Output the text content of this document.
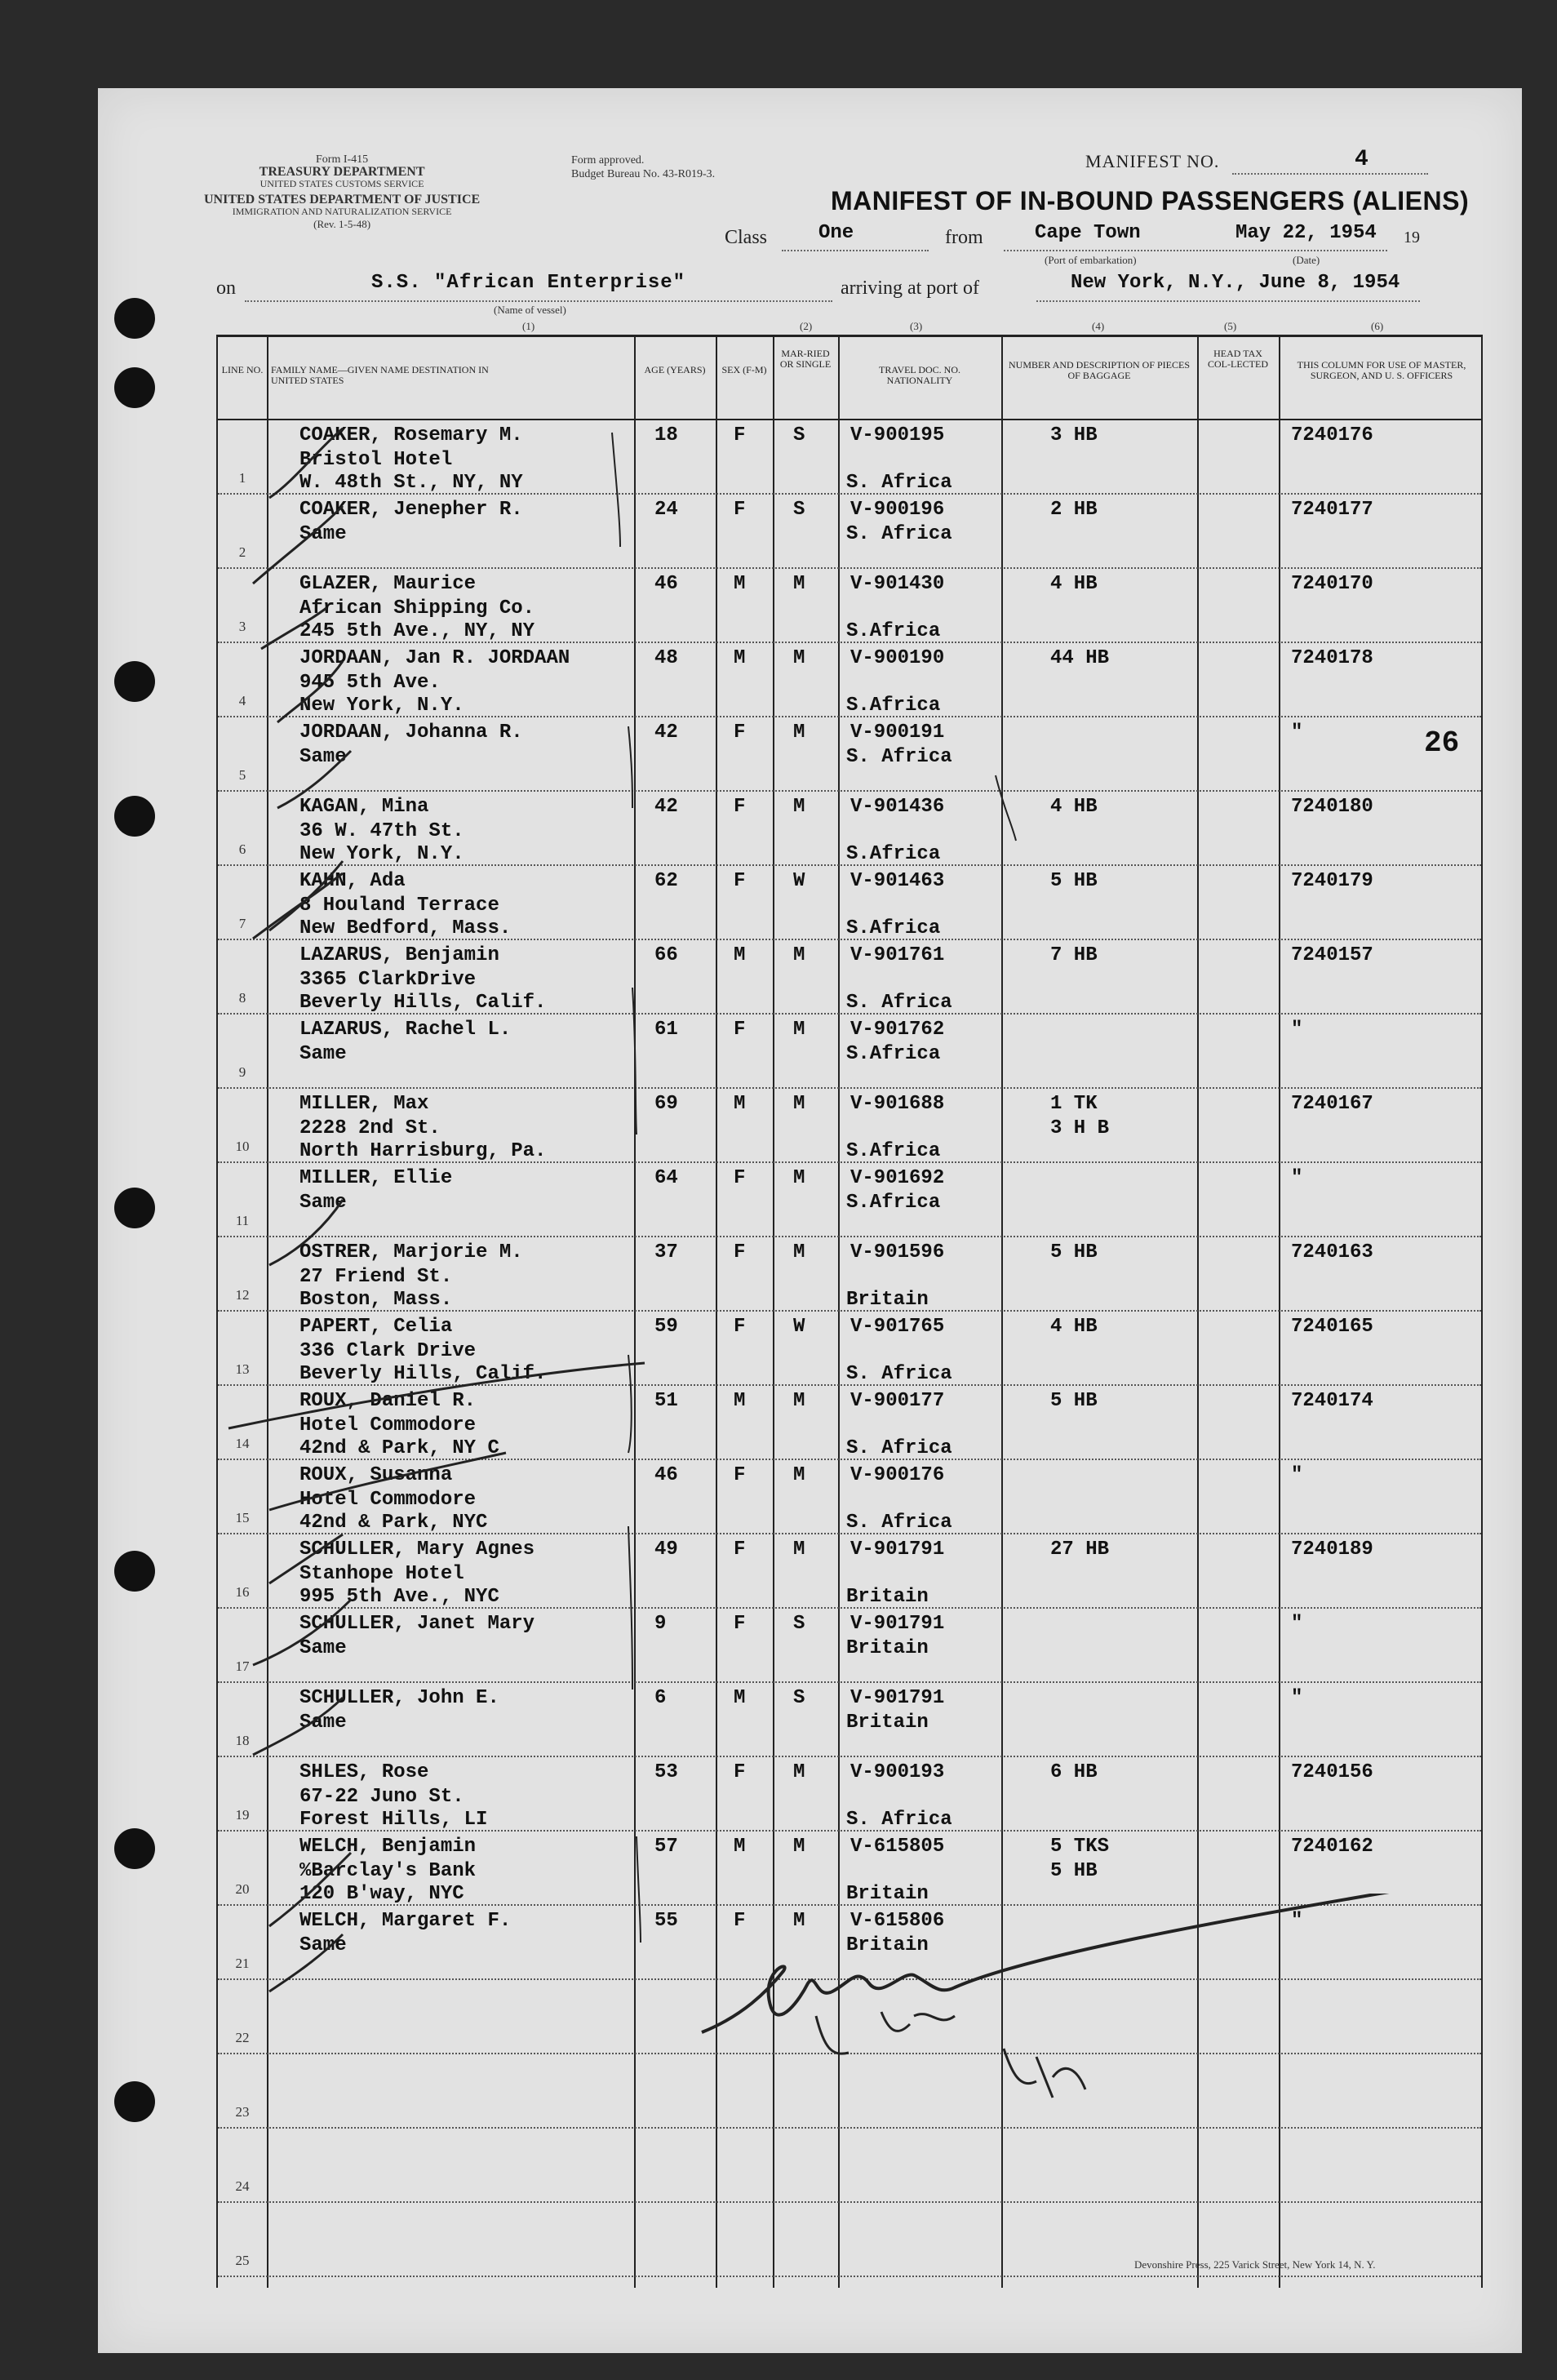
Form I-415
TREASURY DEPARTMENT
UNITED STATES CUSTOMS SERVICE
UNITED STATES DEPARTMENT OF JUSTICE
IMMIGRATION AND NATURALIZATION SERVICE
(Rev. 1-5-48)
Form approved.
Budget Bureau No. 43-R019-3.
MANIFEST NO.	4
MANIFEST OF IN-BOUND PASSENGERS (ALIENS)
Class	One	from	Cape Town	May 22, 1954 19
(Port of embarkation)	(Date)
on	S.S. "African Enterprise"
(Name of vessel)
arriving at port of	New York, N.Y., June 8, 1954
(1)	(2)	(3)	(4)	(5)	(6)
LINE NO. FAMILY NAME—GIVEN NAME DESTINATION IN UNITED STATES
AGE (YEARS)	SEX (F-M)
MAR-RIED OR SINGLE	TRAVEL DOC. NO. NATIONALITY
NUMBER AND DESCRIPTION OF PIECES OF BAGGAGE
HEAD TAX COL-LECTED	THIS COLUMN FOR USE OF MASTER, SURGEON, AND U. S. OFFICERS
1
COAKER, Rosemary M.
Bristol Hotel
W. 48th St., NY, NY
18	F S V-900195
S. Africa
3 HB	7240176
2
COAKER, Jenepher R.
Same
24	F S V-900196
S. Africa
2 HB	7240177
3
GLAZER, Maurice
African Shipping Co.
245 5th Ave., NY, NY
46	M M V-901430
S.Africa
4 HB	7240170
4
JORDAAN, Jan R. JORDAAN
945 5th Ave.
New York, N.Y.
48	M M V-900190
S.Africa
44 HB	7240178
5
JORDAAN, Johanna R.
Same
42	F M V-900191
S. Africa
"
6
KAGAN, Mina
36 W. 47th St.
New York, N.Y.
42	F M V-901436
S.Africa
4 HB	7240180
7
KAHN, Ada
8 Houland Terrace
New Bedford, Mass.
62	F W V-901463
S.Africa
5 HB	7240179
8
LAZARUS, Benjamin
3365 ClarkDrive
Beverly Hills, Calif.
66	M M V-901761
S. Africa
7 HB	7240157
9
LAZARUS, Rachel L.
Same
61	F M V-901762
S.Africa
"
10
MILLER, Max
2228 2nd St.
North Harrisburg, Pa.
69	M M V-901688
S.Africa
1 TK
3 H B
7240167
11
MILLER, Ellie
Same
64	F M V-901692
S.Africa
"
12
OSTRER, Marjorie M.
27 Friend St.
Boston, Mass.
37	F M V-901596
Britain
5 HB	7240163
13
PAPERT, Celia
336 Clark Drive
Beverly Hills, Calif.
59	F W V-901765
S. Africa
4 HB	7240165
14
ROUX, Daniel R.
Hotel Commodore
42nd & Park, NY C
51	M M V-900177
S. Africa
5 HB	7240174
15
ROUX, Susanna
Hotel Commodore
42nd & Park, NYC
46	F M V-900176
S. Africa
"
16
SCHULLER, Mary Agnes
Stanhope Hotel
995 5th Ave., NYC
49	F M V-901791
Britain
27 HB	7240189
17
SCHULLER, Janet Mary
Same
9	F S V-901791
Britain
"
18
SCHULLER, John E.
Same
6	M S V-901791
Britain
"
19
SHLES, Rose
67-22 Juno St.
Forest Hills, LI
53	F M V-900193
S. Africa
6 HB	7240156
20
WELCH, Benjamin
%Barclay's Bank
120 B'way, NYC
57	M M V-615805
Britain
5 TKS
5 HB
7240162
21
WELCH, Margaret F.
Same
55	F M V-615806
Britain
"
22
23
24
25
26
Devonshire Press, 225 Varick Street, New York 14, N. Y.
